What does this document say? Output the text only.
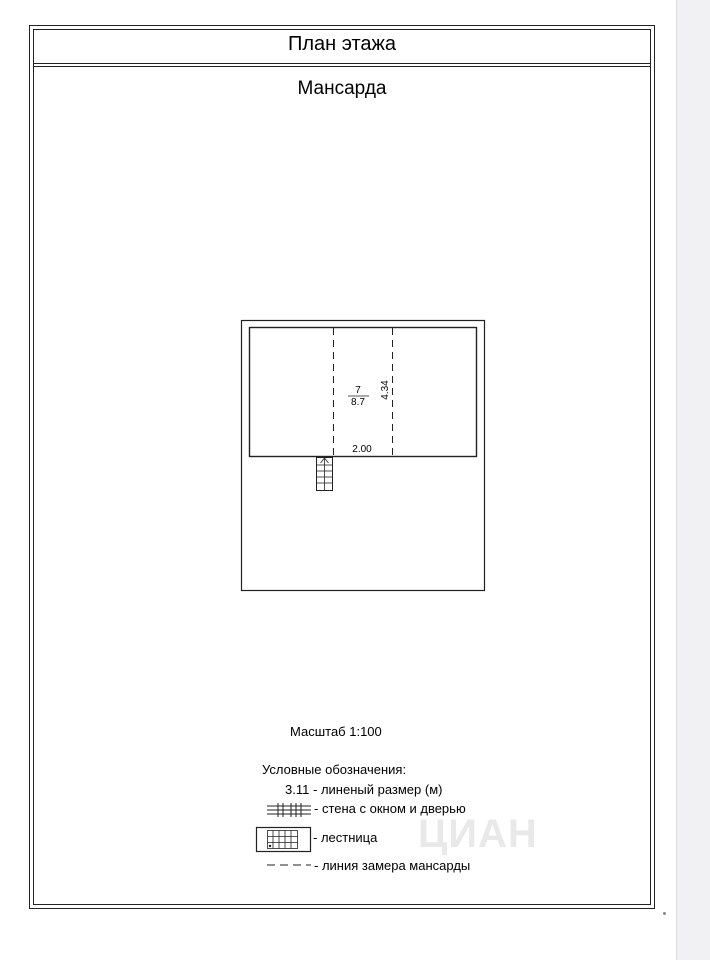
План этажа
Мансарда
ЦИАН
7
8.7
4.34
2.00
Масштаб 1:100
Условные обозначения:
3.11 - линеный размер (м)
- стена с окном и дверью
- лестница
- линия замера мансарды
